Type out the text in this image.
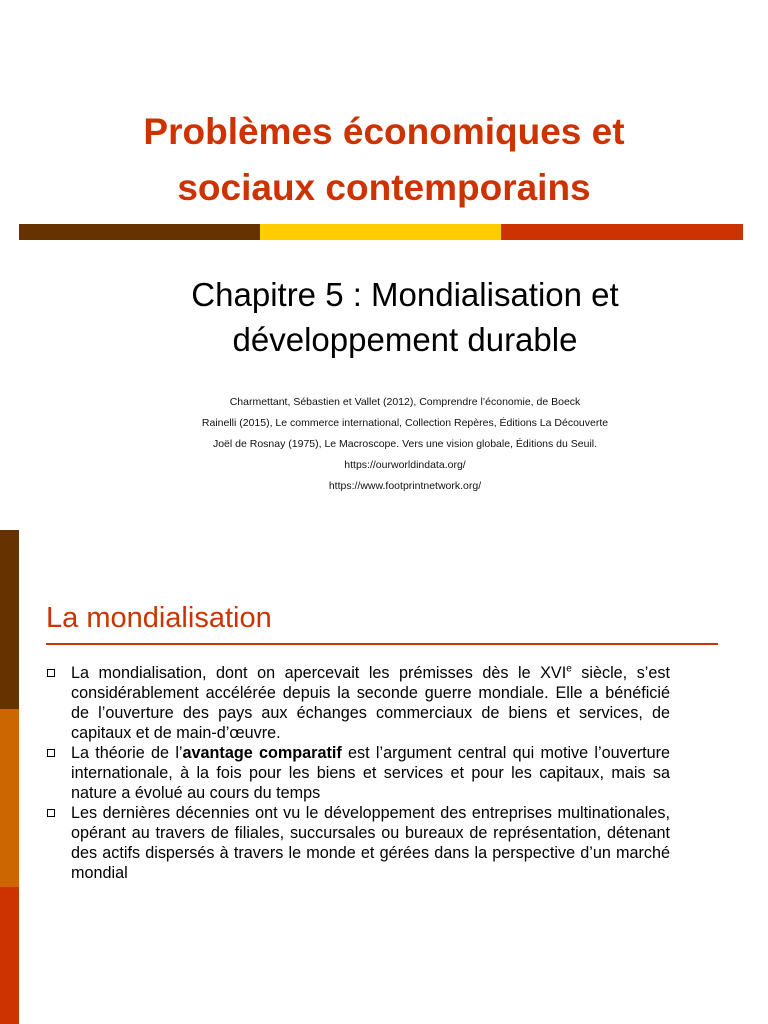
Problèmes économiques et
sociaux contemporains
Chapitre 5 : Mondialisation et
développement durable
Charmettant, Sébastien et Vallet (2012), Comprendre l’économie, de Boeck
Rainelli (2015), Le commerce international, Collection Repères, Éditions La Découverte
Joël de Rosnay (1975), Le Macroscope. Vers une vision globale, Éditions du Seuil.
https://ourworldindata.org/
https://www.footprintnetwork.org/
La mondialisation
La mondialisation, dont on apercevait les prémisses dès le XVIe siècle, s’est considérablement accélérée depuis la seconde guerre mondiale. Elle a bénéficié de l’ouverture des pays aux échanges commerciaux de biens et services, de capitaux et de main-d’œuvre.
La théorie de l’avantage comparatif est l’argument central qui motive l’ouverture internationale, à la fois pour les biens et services et pour les capitaux, mais sa nature a évolué au cours du temps
Les dernières décennies ont vu le développement des entreprises multinationales, opérant au travers de filiales, succursales ou bureaux de représentation, détenant des actifs dispersés à travers le monde et gérées dans la perspective d’un marché mondial
